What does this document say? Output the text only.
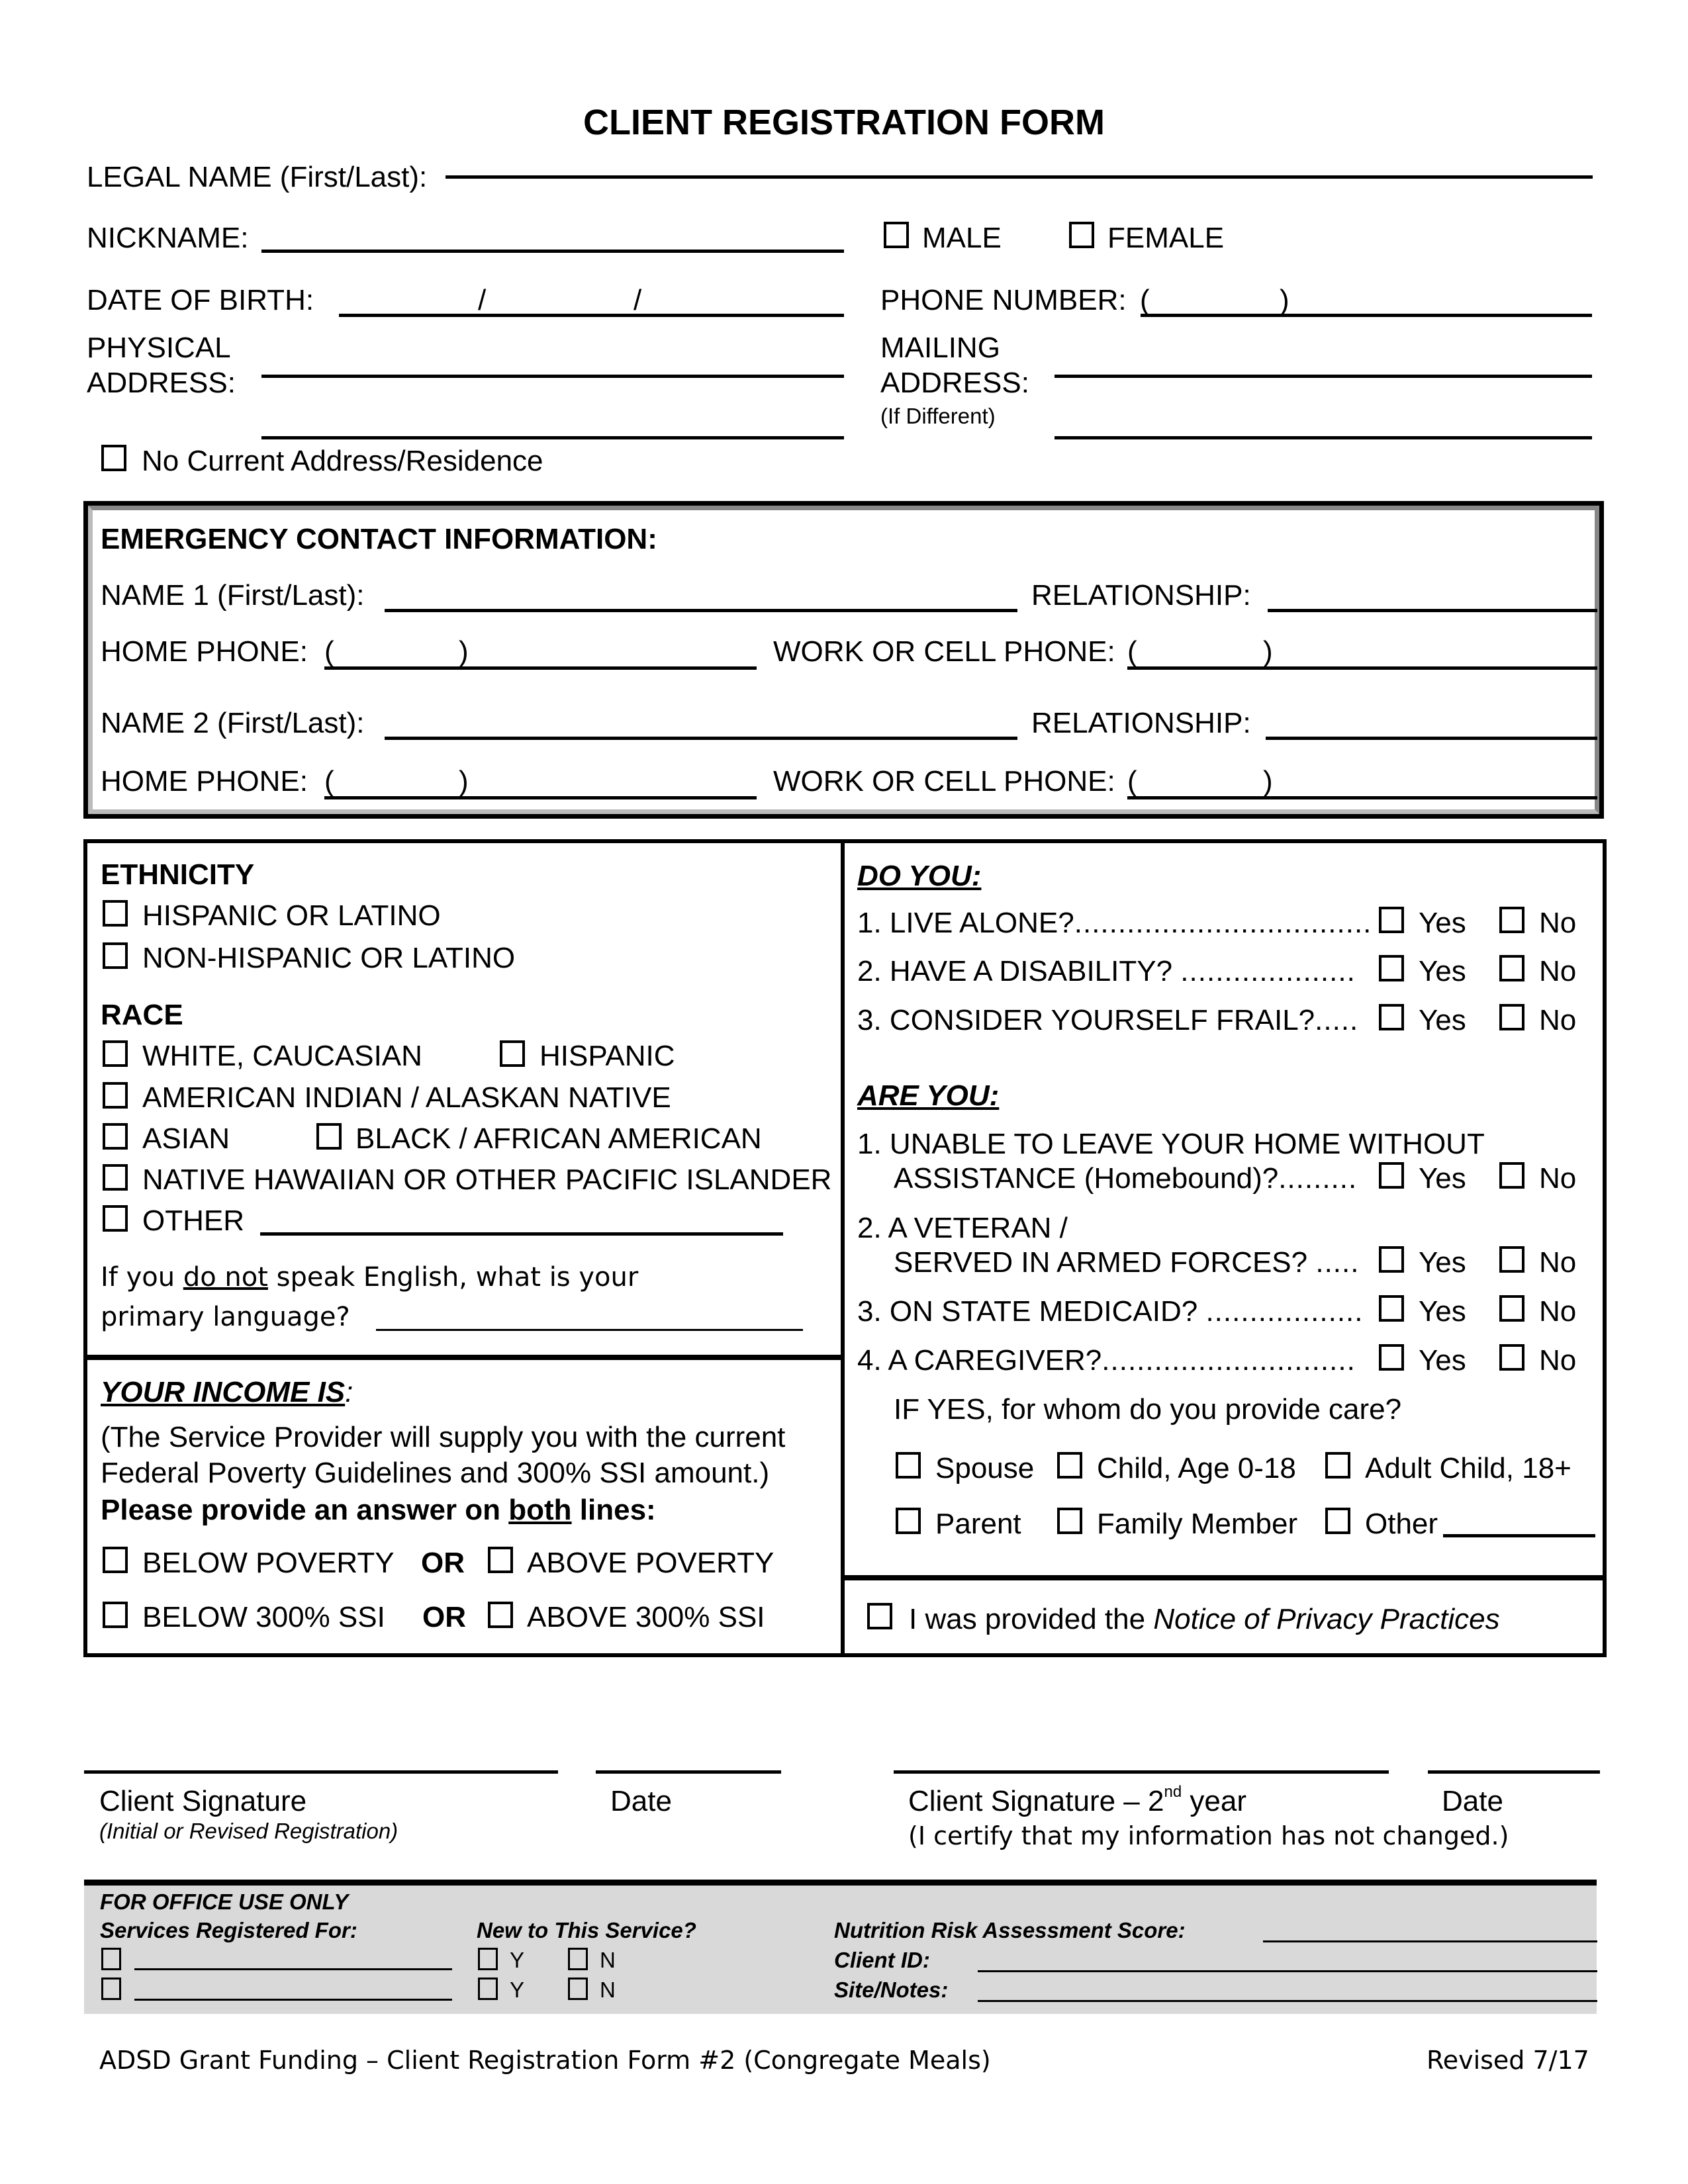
CLIENT REGISTRATION FORM
LEGAL NAME (First/Last):
NICKNAME:	MALE	FEMALE
DATE OF BIRTH:	/	/	PHONE NUMBER: (	)
PHYSICAL
ADDRESS:
MAILING
ADDRESS:
(If Different)
No Current Address/Residence
EMERGENCY CONTACT INFORMATION:
NAME 1 (First/Last):	RELATIONSHIP:
HOME PHONE: (	)	WORK OR CELL PHONE: (	)
NAME 2 (First/Last):	RELATIONSHIP:
HOME PHONE: (	)	WORK OR CELL PHONE: (	)
ETHNICITY
HISPANIC OR LATINO
NON-HISPANIC OR LATINO
RACE
WHITE, CAUCASIAN	HISPANIC
AMERICAN INDIAN / ALASKAN NATIVE
ASIAN	BLACK / AFRICAN AMERICAN
NATIVE HAWAIIAN OR OTHER PACIFIC ISLANDER
OTHER
If you do not speak English, what is your
primary language?
YOUR INCOME IS:
(The Service Provider will supply you with the current
Federal Poverty Guidelines and 300% SSI amount.)
Please provide an answer on both lines:
BELOW POVERTY OR ABOVE POVERTY
BELOW 300% SSI OR ABOVE 300% SSI
DO YOU:
1. LIVE ALONE?.................................. Yes	No
2. HAVE A DISABILITY? .................... Yes	No
3. CONSIDER YOURSELF FRAIL?..... Yes	No
ARE YOU:
1. UNABLE TO LEAVE YOUR HOME WITHOUT
ASSISTANCE (Homebound)?......... Yes	No
2. A VETERAN /
SERVED IN ARMED FORCES? ..... Yes	No
3. ON STATE MEDICAID? .................. Yes	No
4. A CAREGIVER?............................. Yes	No
IF YES, for whom do you provide care?
Spouse Child, Age 0-18 Adult Child, 18+
Parent	Family Member Other
I was provided the Notice of Privacy Practices
Client Signature
(Initial or Revised Registration)
Date	Client Signature – 2nd year
(I certify that my information has not changed.)
Date
FOR OFFICE USE ONLY
Services Registered For:	New to This Service?
Y	N
Y	N
Nutrition Risk Assessment Score:
Client ID:
Site/Notes:
ADSD Grant Funding – Client Registration Form #2 (Congregate Meals)	Revised 7/17
